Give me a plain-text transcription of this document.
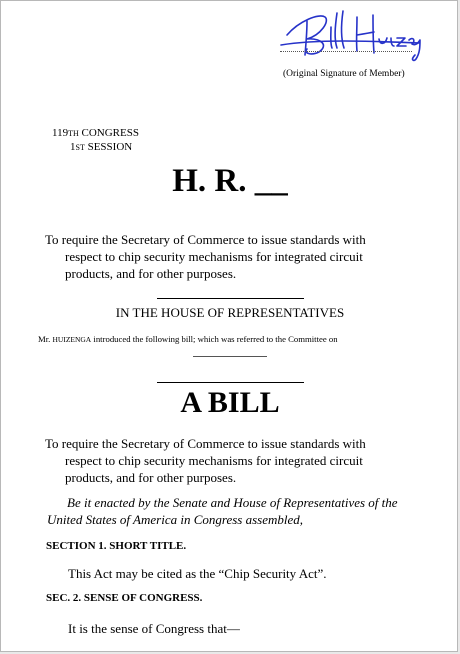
(Original Signature of Member)
119TH CONGRESS
1ST SESSION
H. R. __
To require the Secretary of Commerce to issue standards with
respect to chip security mechanisms for integrated circuit products, and for other purposes.
IN THE HOUSE OF REPRESENTATIVES
Mr. HUIZENGA introduced the following bill; which was referred to the Committee on
A BILL
To require the Secretary of Commerce to issue standards with
respect to chip security mechanisms for integrated circuit products, and for other purposes.
Be it enacted by the Senate and House of Representatives of the
United States of America in Congress assembled,
SECTION 1. SHORT TITLE.
This Act may be cited as the “Chip Security Act”.
SEC. 2. SENSE OF CONGRESS.
It is the sense of Congress that—
